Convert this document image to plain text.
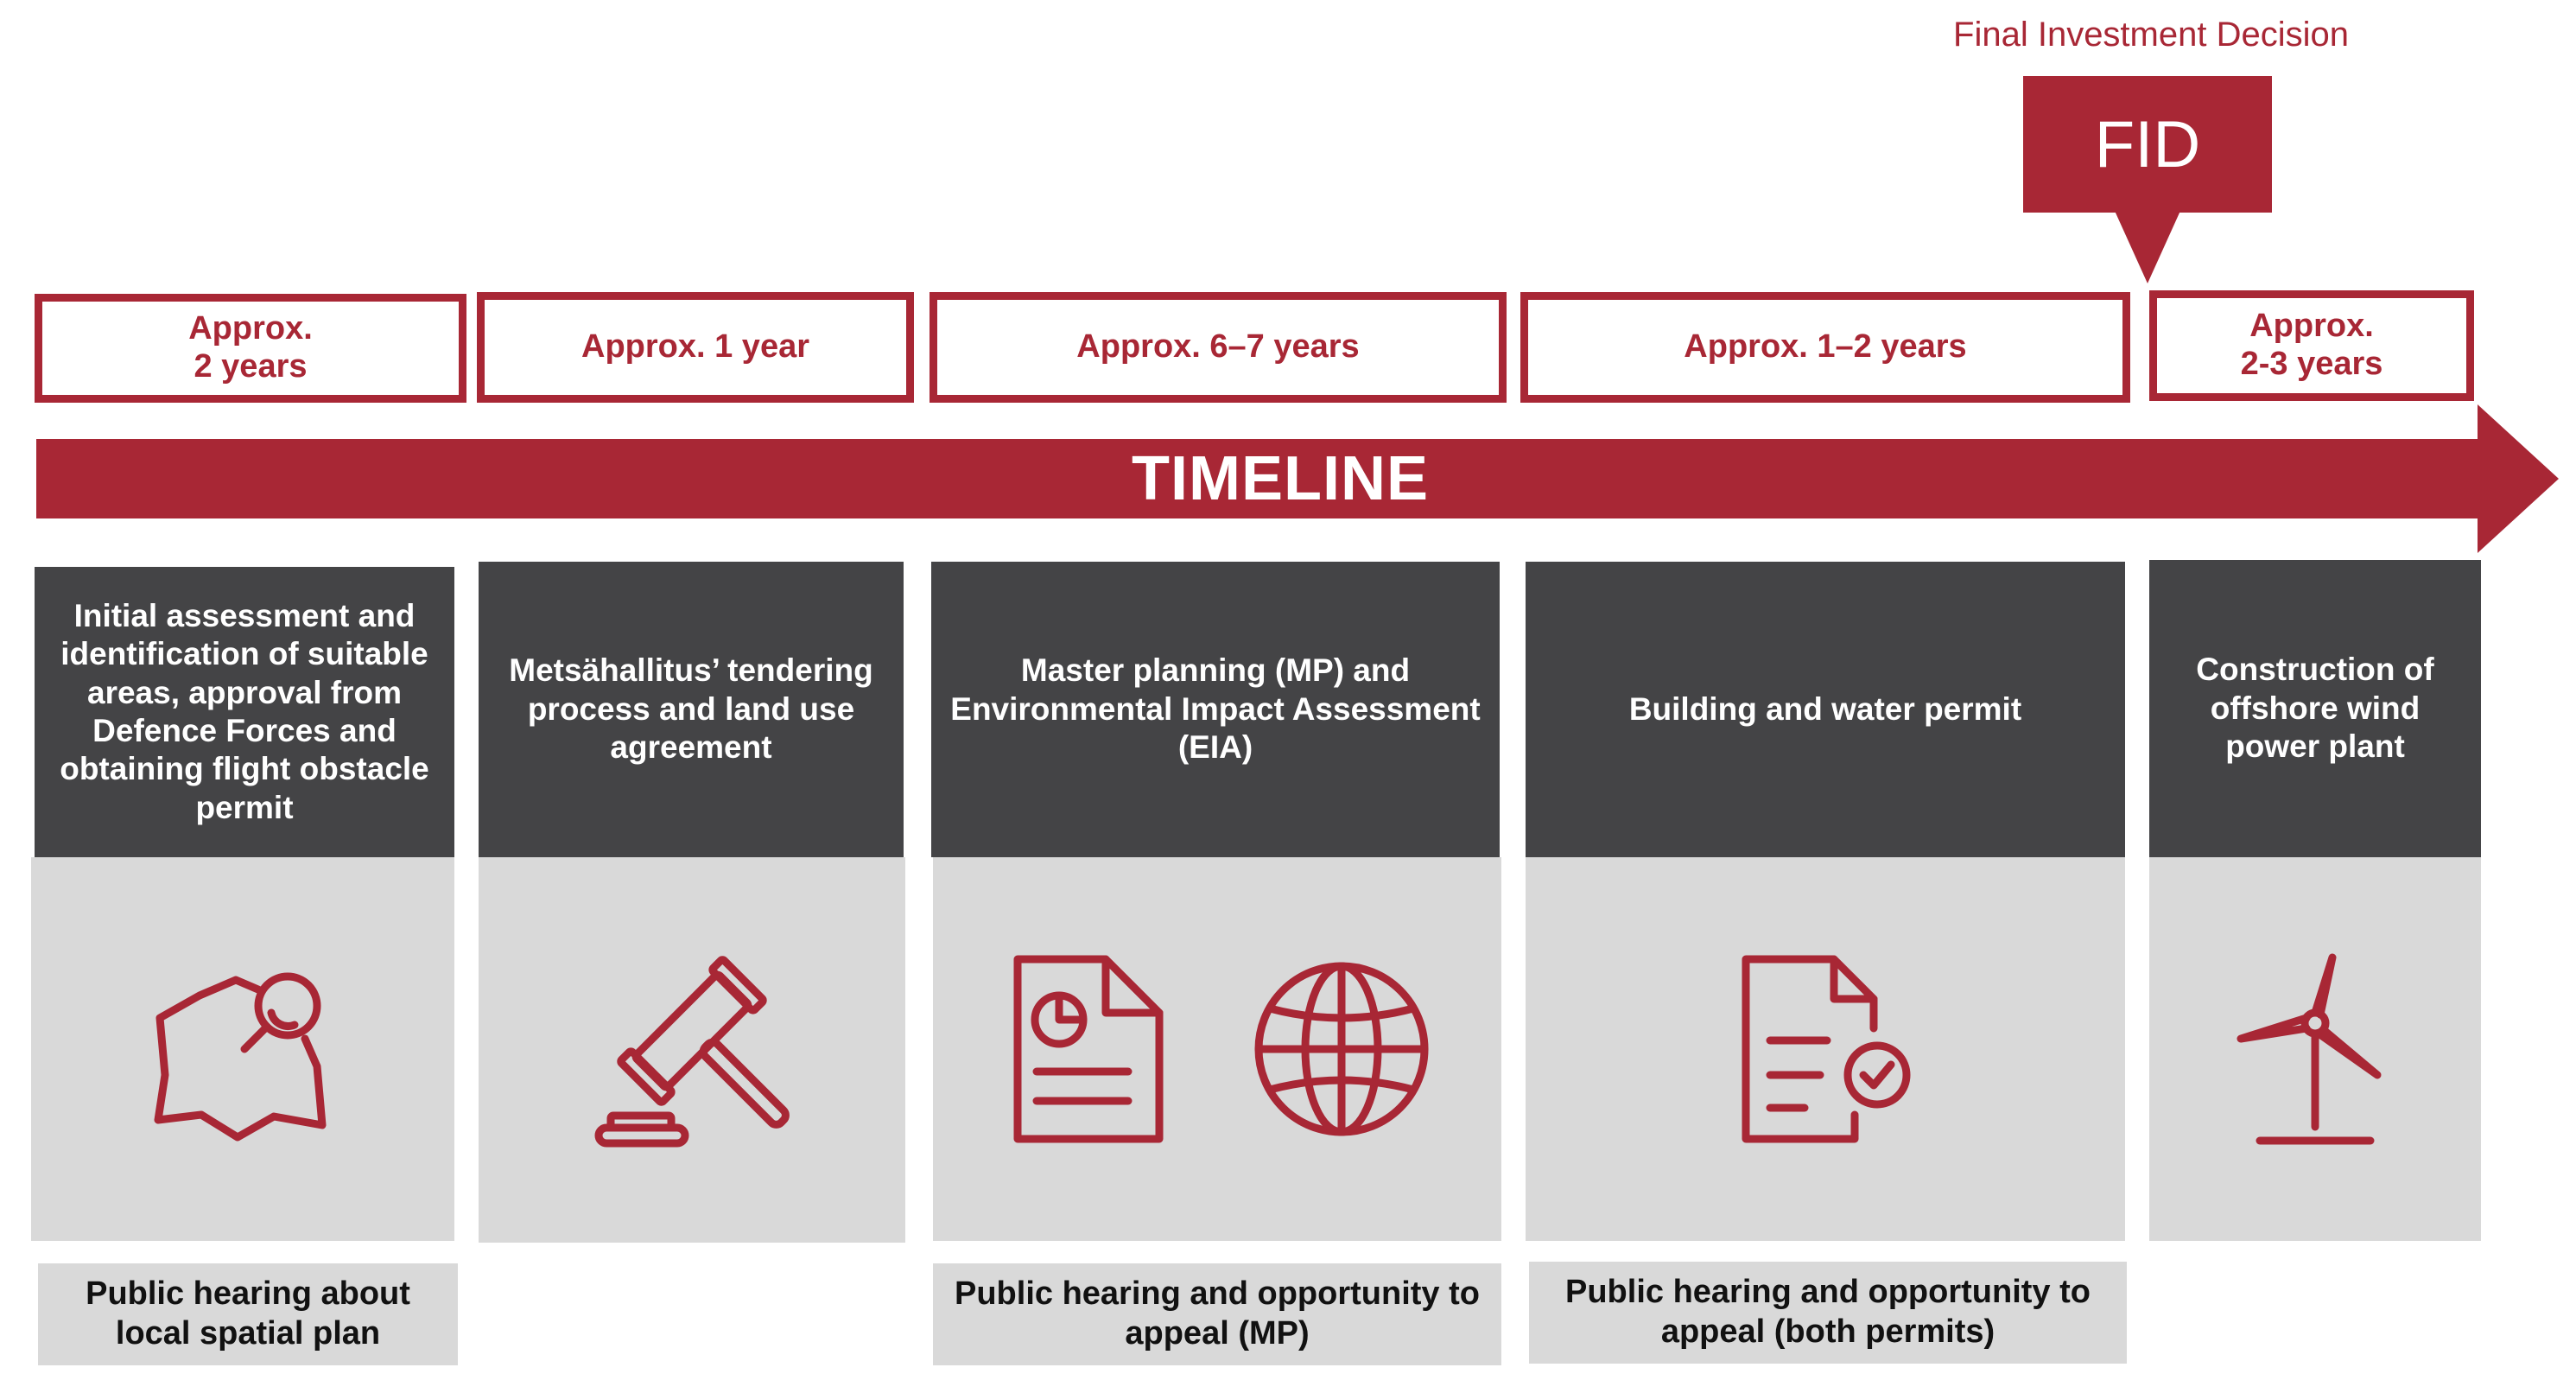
Final Investment Decision
FID
Approx.
2 years
Approx. 1 year	Approx. 6–7 years	Approx. 1–2 years
Approx.
2-3 years
TIMELINE
Initial assessment and identification of suitable areas, approval from Defence Forces and obtaining flight obstacle permit
Metsähallitus’ tendering process and land use agreement
Master planning (MP) and Environmental Impact Assessment (EIA)
Building and water permit
Construction of offshore wind power plant
Public hearing about local spatial plan
Public hearing and opportunity to appeal (MP)
Public hearing and opportunity to appeal (both permits)
